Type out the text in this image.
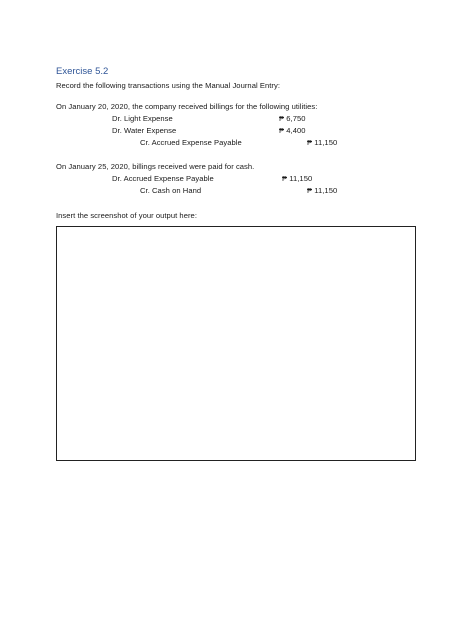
Exercise 5.2
Record the following transactions using the Manual Journal Entry:
On January 20, 2020, the company received billings for the following utilities:
Dr. Light Expense	₱ 6,750
Dr. Water Expense	₱ 4,400
Cr. Accrued Expense Payable	₱ 11,150
On January 25, 2020, billings received were paid for cash.
Dr. Accrued Expense Payable	₱ 11,150
Cr. Cash on Hand	₱ 11,150
Insert the screenshot of your output here:
